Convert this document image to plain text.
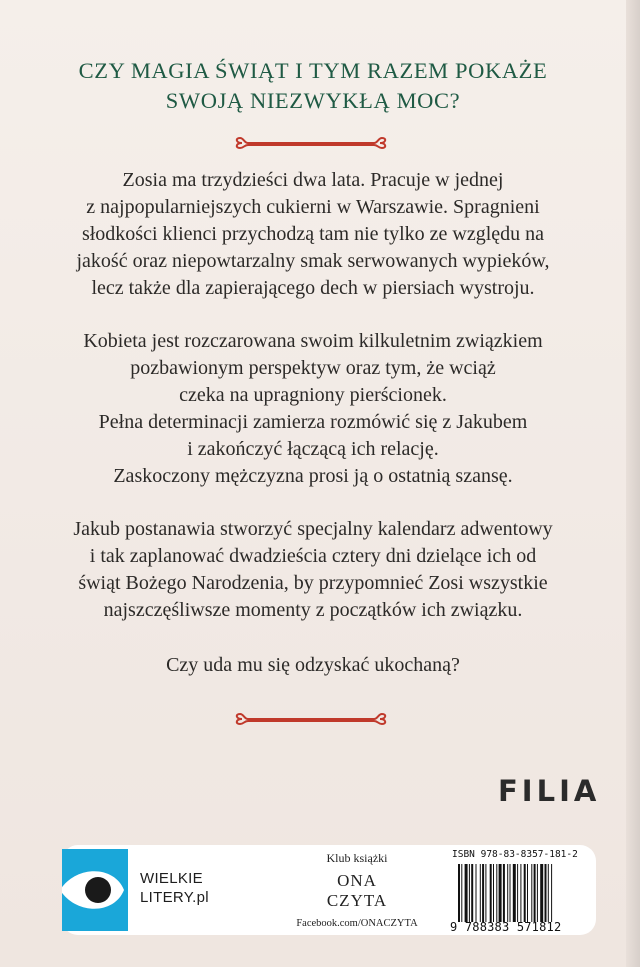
CZY MAGIA ŚWIĄT I TYM RAZEM POKAŻE
SWOJĄ NIEZWYKŁĄ MOC?
Zosia ma trzydzieści dwa lata. Pracuje w jednej
z najpopularniejszych cukierni w Warszawie. Spragnieni
słodkości klienci przychodzą tam nie tylko ze względu na
jakość oraz niepowtarzalny smak serwowanych wypieków,
lecz także dla zapierającego dech w piersiach wystroju.
Kobieta jest rozczarowana swoim kilkuletnim związkiem
pozbawionym perspektyw oraz tym, że wciąż
czeka na upragniony pierścionek.
Pełna determinacji zamierza rozmówić się z Jakubem
i zakończyć łączącą ich relację.
Zaskoczony mężczyzna prosi ją o ostatnią szansę.
Jakub postanawia stworzyć specjalny kalendarz adwentowy
i tak zaplanować dwadzieścia cztery dni dzielące ich od
świąt Bożego Narodzenia, by przypomnieć Zosi wszystkie
najszczęśliwsze momenty z początków ich związku.
Czy uda mu się odzyskać ukochaną?
FILIA
WIELKIE
LITERY.pl
Klub książki
ONA
CZYTA
Facebook.com/ONACZYTA
ISBN 978-83-8357-181-2
9 788383 571812
